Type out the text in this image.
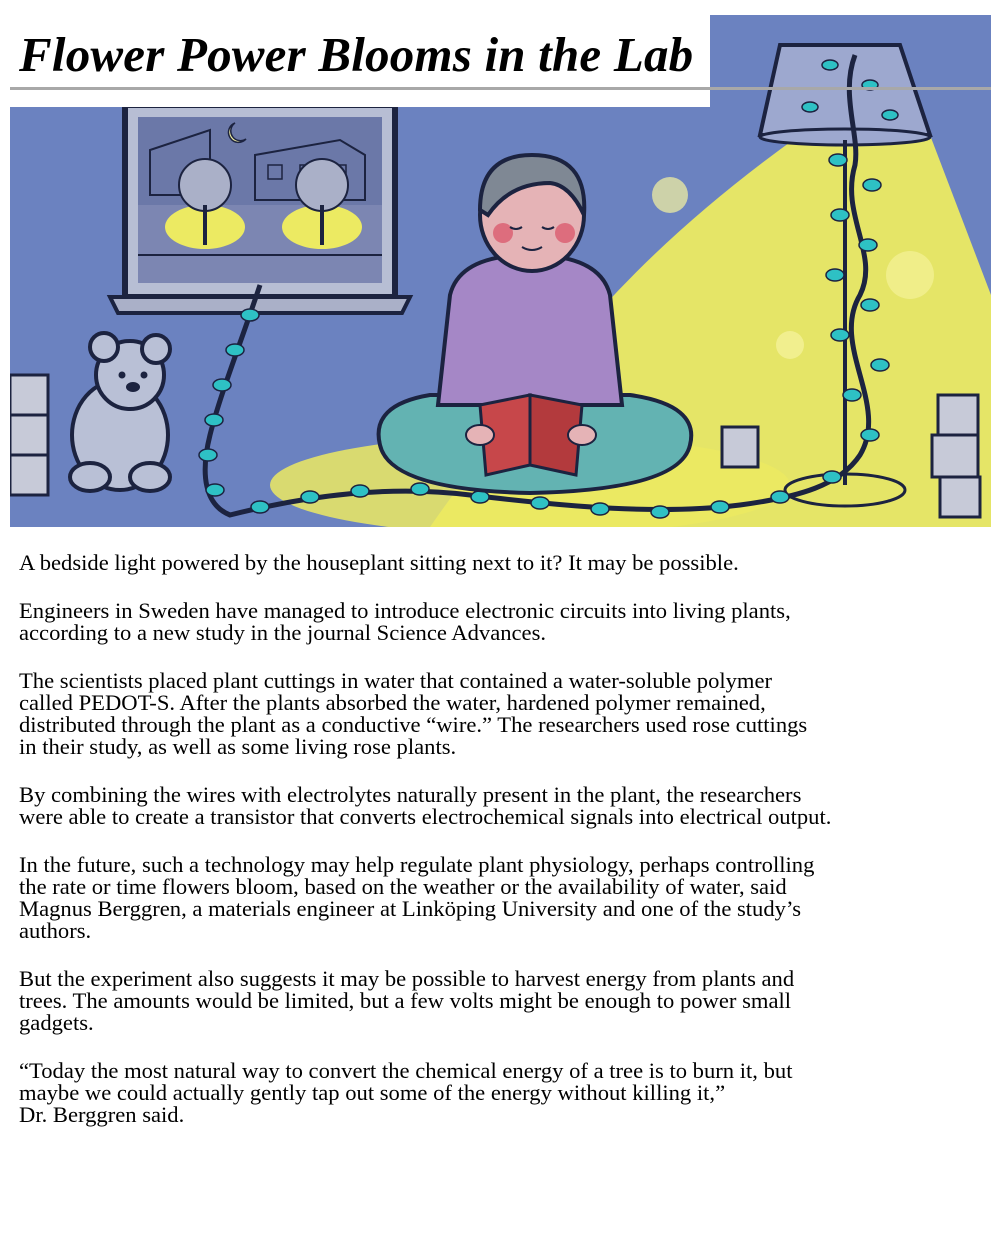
Flower Power Blooms in the Lab

A bedside light powered by the houseplant sitting next to it? It may be possible.

Engineers in Sweden have managed to introduce electronic circuits into living plants,
according to a new study in the journal Science Advances.

The scientists placed plant cuttings in water that contained a water-soluble polymer
called PEDOT-S. After the plants absorbed the water, hardened polymer remained,
distributed through the plant as a conductive “wire.” The researchers used rose cuttings
in their study, as well as some living rose plants.

By combining the wires with electrolytes naturally present in the plant, the researchers
were able to create a transistor that converts electrochemical signals into electrical output.

In the future, such a technology may help regulate plant physiology, perhaps controlling
the rate or time flowers bloom, based on the weather or the availability of water, said
Magnus Berggren, a materials engineer at Linköping University and one of the study’s
authors.

But the experiment also suggests it may be possible to harvest energy from plants and
trees. The amounts would be limited, but a few volts might be enough to power small
gadgets.

“Today the most natural way to convert the chemical energy of a tree is to burn it, but
maybe we could actually gently tap out some of the energy without killing it,”
Dr. Berggren said.
